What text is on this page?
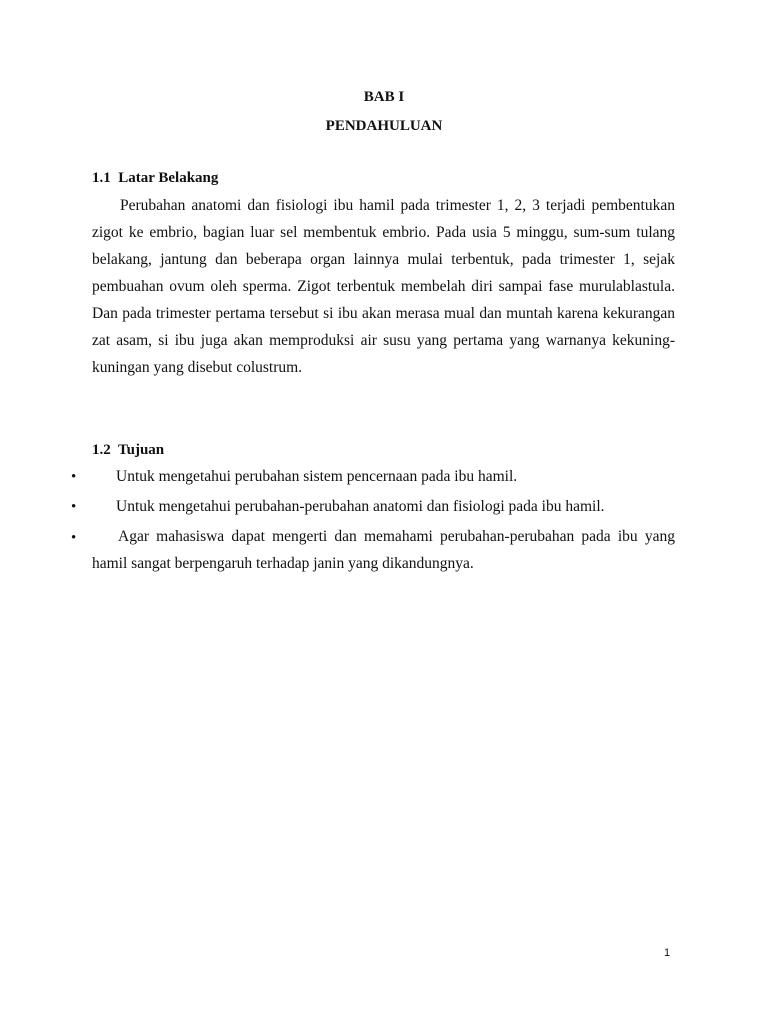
BAB I
PENDAHULUAN
1.1  Latar Belakang

Perubahan anatomi dan fisiologi ibu hamil pada trimester 1, 2, 3 terjadi pembentukan zigot ke embrio, bagian luar sel membentuk embrio. Pada usia 5 minggu, sum-sum tulang belakang, jantung dan beberapa organ lainnya mulai terbentuk, pada trimester 1, sejak pembuahan ovum oleh sperma. Zigot terbentuk membelah diri sampai fase murulablastula. Dan pada trimester pertama tersebut si ibu akan merasa mual dan muntah karena kekurangan zat asam, si ibu juga akan memproduksi air susu yang pertama yang warnanya kekuning-kuningan yang disebut colustrum.

1.2  Tujuan
•	Untuk mengetahui perubahan sistem pencernaan pada ibu hamil.

•	Untuk mengetahui perubahan-perubahan anatomi dan fisiologi pada ibu hamil.

•	Agar mahasiswa dapat mengerti dan memahami perubahan-perubahan pada ibu yang hamil sangat berpengaruh terhadap janin yang dikandungnya.

1
